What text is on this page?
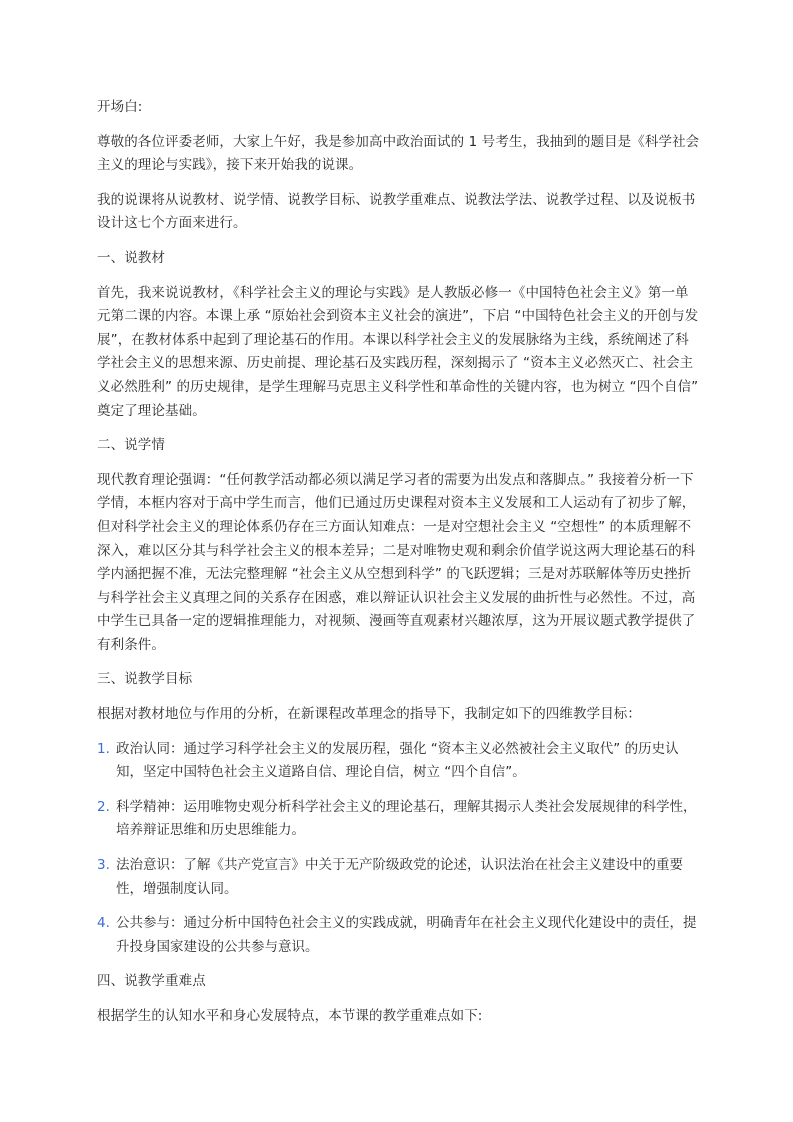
开场白:

尊敬的各位评委老师，大家上午好，我是参加高中政治面试的 1 号考生，我抽到的题目是《科学社会主义的理论与实践》，接下来开始我的说课。

我的说课将从说教材、说学情、说教学目标、说教学重难点、说教法学法、说教学过程、以及说板书设计这七个方面来进行。

一、说教材

首先，我来说说教材，《科学社会主义的理论与实践》是人教版必修一《中国特色社会主义》第一单元第二课的内容。本课上承 “原始社会到资本主义社会的演进”，下启 “中国特色社会主义的开创与发展”，在教材体系中起到了理论基石的作用。本课以科学社会主义的发展脉络为主线，系统阐述了科学社会主义的思想来源、历史前提、理论基石及实践历程，深刻揭示了 “资本主义必然灭亡、社会主义必然胜利” 的历史规律，是学生理解马克思主义科学性和革命性的关键内容，也为树立 “四个自信” 奠定了理论基础。

二、说学情

现代教育理论强调：“任何教学活动都必须以满足学习者的需要为出发点和落脚点。” 我接着分析一下学情，本框内容对于高中学生而言，他们已通过历史课程对资本主义发展和工人运动有了初步了解，但对科学社会主义的理论体系仍存在三方面认知难点：一是对空想社会主义 “空想性” 的本质理解不深入，难以区分其与科学社会主义的根本差异；二是对唯物史观和剩余价值学说这两大理论基石的科学内涵把握不准，无法完整理解 “社会主义从空想到科学” 的飞跃逻辑；三是对苏联解体等历史挫折与科学社会主义真理之间的关系存在困惑，难以辩证认识社会主义发展的曲折性与必然性。不过，高中学生已具备一定的逻辑推理能力，对视频、漫画等直观素材兴趣浓厚，这为开展议题式教学提供了有利条件。

三、说教学目标

根据对教材地位与作用的分析，在新课程改革理念的指导下，我制定如下的四维教学目标：

1. 政治认同：通过学习科学社会主义的发展历程，强化 “资本主义必然被社会主义取代” 的历史认知，坚定中国特色社会主义道路自信、理论自信，树立 “四个自信”。
2. 科学精神：运用唯物史观分析科学社会主义的理论基石，理解其揭示人类社会发展规律的科学性，培养辩证思维和历史思维能力。
3. 法治意识：了解《共产党宣言》中关于无产阶级政党的论述，认识法治在社会主义建设中的重要性，增强制度认同。
4. 公共参与：通过分析中国特色社会主义的实践成就，明确青年在社会主义现代化建设中的责任，提升投身国家建设的公共参与意识。

四、说教学重难点

根据学生的认知水平和身心发展特点，本节课的教学重难点如下:
